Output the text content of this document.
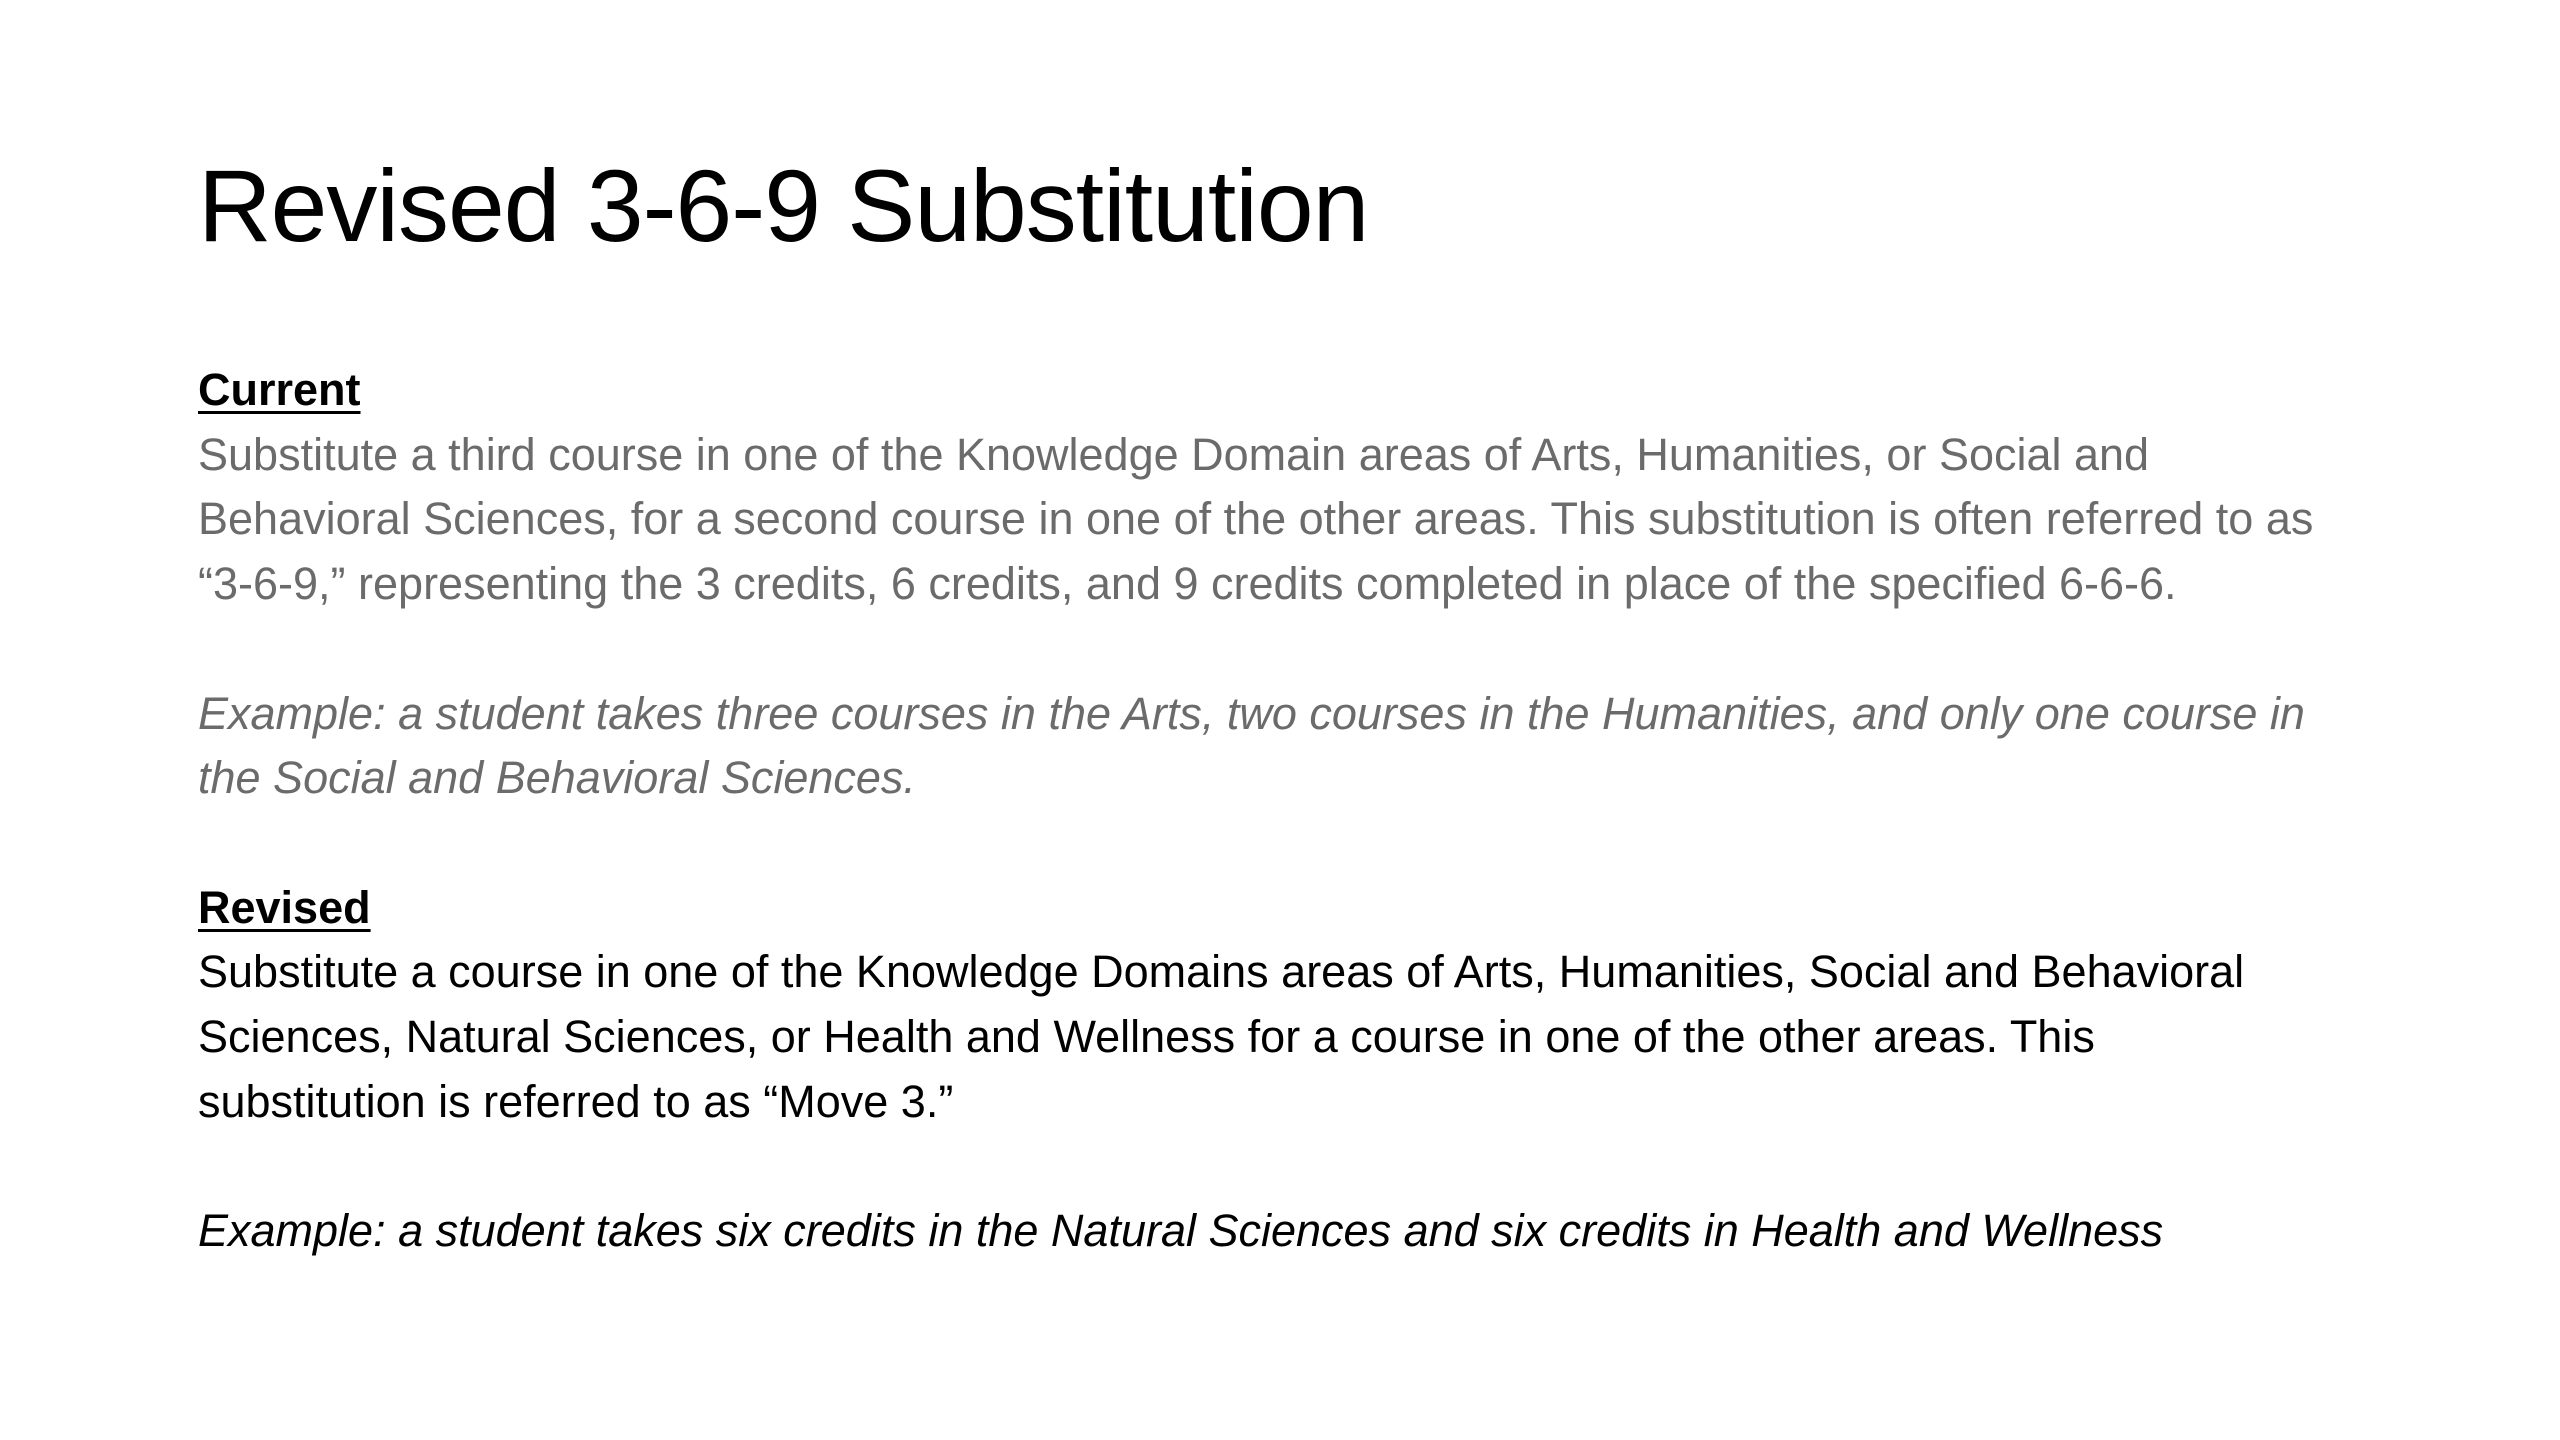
Revised 3-6-9 Substitution

Current

Substitute a third course in one of the Knowledge Domain areas of Arts, Humanities, or Social and Behavioral Sciences, for a second course in one of the other areas. This substitution is often referred to as “3-6-9,” representing the 3 credits, 6 credits, and 9 credits completed in place of the specified 6-6-6.

Example: a student takes three courses in the Arts, two courses in the Humanities, and only one course in the Social and Behavioral Sciences.

Revised

Substitute a course in one of the Knowledge Domains areas of Arts, Humanities, Social and Behavioral Sciences, Natural Sciences, or Health and Wellness for a course in one of the other areas. This substitution is referred to as “Move 3.”

Example: a student takes six credits in the Natural Sciences and six credits in Health and Wellness
